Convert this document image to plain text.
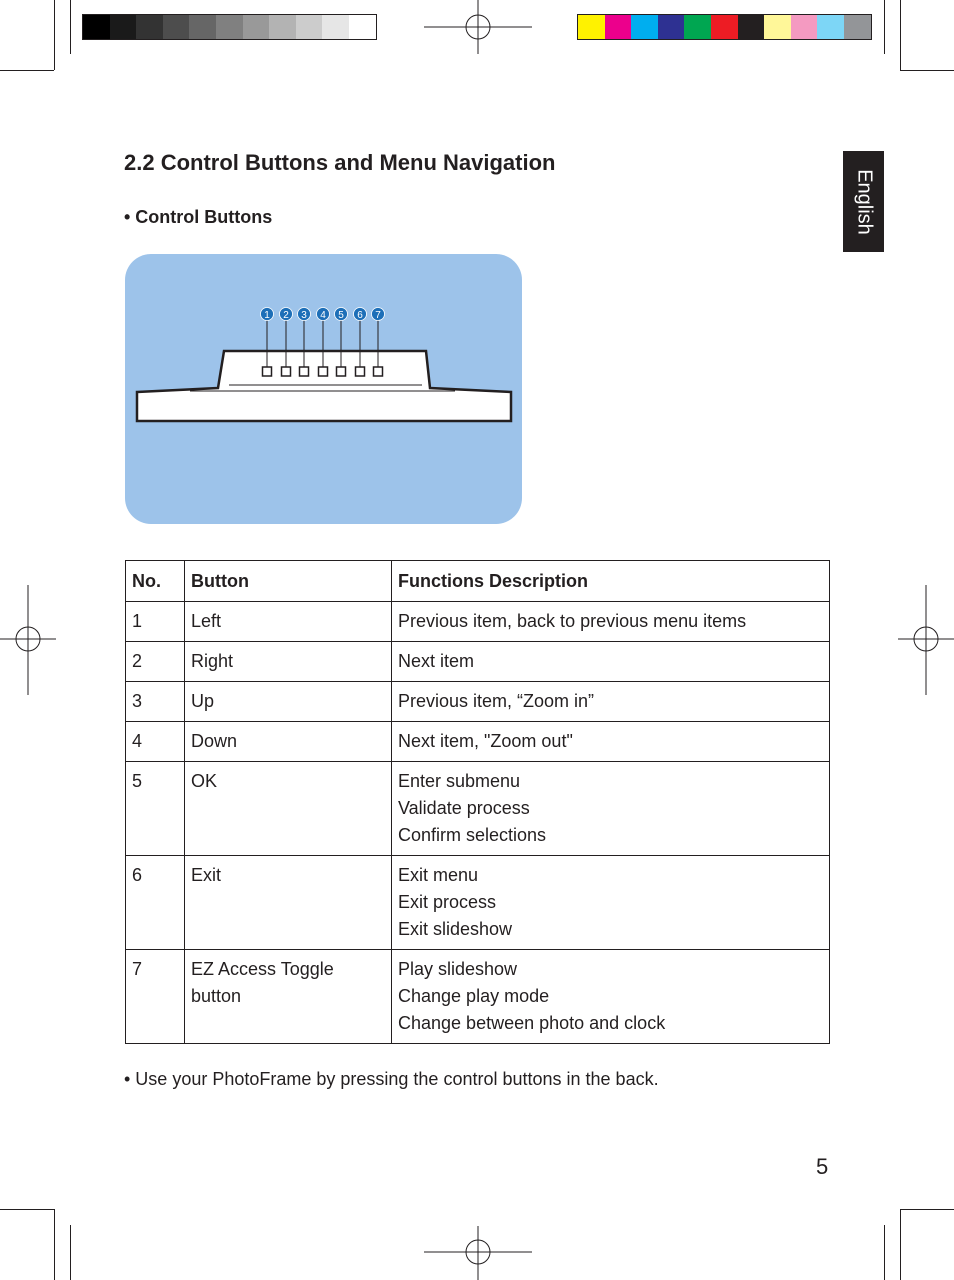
English
2.2 Control Buttons and Menu Navigation
• Control Buttons
1 2 3 4 5 6 7
No.	Button	Functions Description
1	Left	Previous item, back to previous menu items

2	Right	Next item

3	Up	Previous item, “Zoom in”

4	Down	Next item, "Zoom out"

5	OK	Enter submenu
Validate process
Confirm selections

6	Exit	Exit menu
Exit process
Exit slideshow

7	EZ Access Toggle
button	Play slideshow
Change play mode
Change between photo and clock
• Use your PhotoFrame by pressing the control buttons in the back.
5
